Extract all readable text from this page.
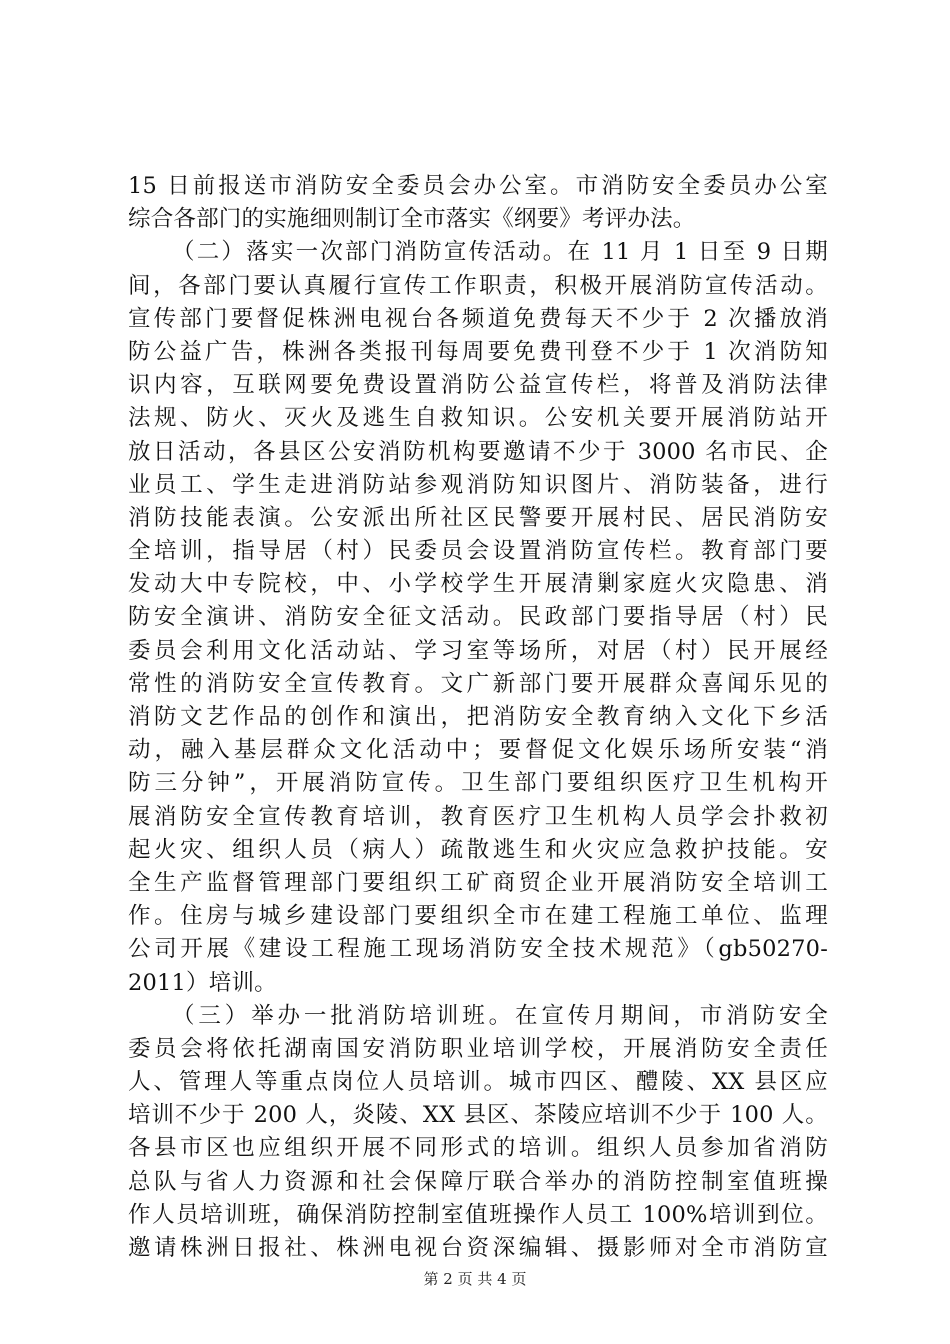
15 日前报送市消防安全委员会办公室。市消防安全委员办公室
综合各部门的实施细则制订全市落实《纲要》考评办法。
（二）落实一次部门消防宣传活动。在 11 月 1 日至 9 日期
间，各部门要认真履行宣传工作职责，积极开展消防宣传活动。
宣传部门要督促株洲电视台各频道免费每天不少于 2 次播放消
防公益广告，株洲各类报刊每周要免费刊登不少于 1 次消防知
识内容，互联网要免费设置消防公益宣传栏，将普及消防法律
法规、防火、灭火及逃生自救知识。公安机关要开展消防站开
放日活动，各县区公安消防机构要邀请不少于 3000 名市民、企
业员工、学生走进消防站参观消防知识图片、消防装备，进行
消防技能表演。公安派出所社区民警要开展村民、居民消防安
全培训，指导居（村）民委员会设置消防宣传栏。教育部门要
发动大中专院校，中、小学校学生开展清剿家庭火灾隐患、消
防安全演讲、消防安全征文活动。民政部门要指导居（村）民
委员会利用文化活动站、学习室等场所，对居（村）民开展经
常性的消防安全宣传教育。文广新部门要开展群众喜闻乐见的
消防文艺作品的创作和演出，把消防安全教育纳入文化下乡活
动，融入基层群众文化活动中；要督促文化娱乐场所安装“消
防三分钟”，开展消防宣传。卫生部门要组织医疗卫生机构开
展消防安全宣传教育培训，教育医疗卫生机构人员学会扑救初
起火灾、组织人员（病人）疏散逃生和火灾应急救护技能。安
全生产监督管理部门要组织工矿商贸企业开展消防安全培训工
作。住房与城乡建设部门要组织全市在建工程施工单位、监理
公司开展《建设工程施工现场消防安全技术规范》（gb50270-
2011）培训。
（三）举办一批消防培训班。在宣传月期间，市消防安全
委员会将依托湖南国安消防职业培训学校，开展消防安全责任
人、管理人等重点岗位人员培训。城市四区、醴陵、XX 县区应
培训不少于 200 人，炎陵、XX 县区、茶陵应培训不少于 100 人。
各县市区也应组织开展不同形式的培训。组织人员参加省消防
总队与省人力资源和社会保障厅联合举办的消防控制室值班操
作人员培训班，确保消防控制室值班操作人员工 100%培训到位。
邀请株洲日报社、株洲电视台资深编辑、摄影师对全市消防宣
第 2 页 共 4 页
